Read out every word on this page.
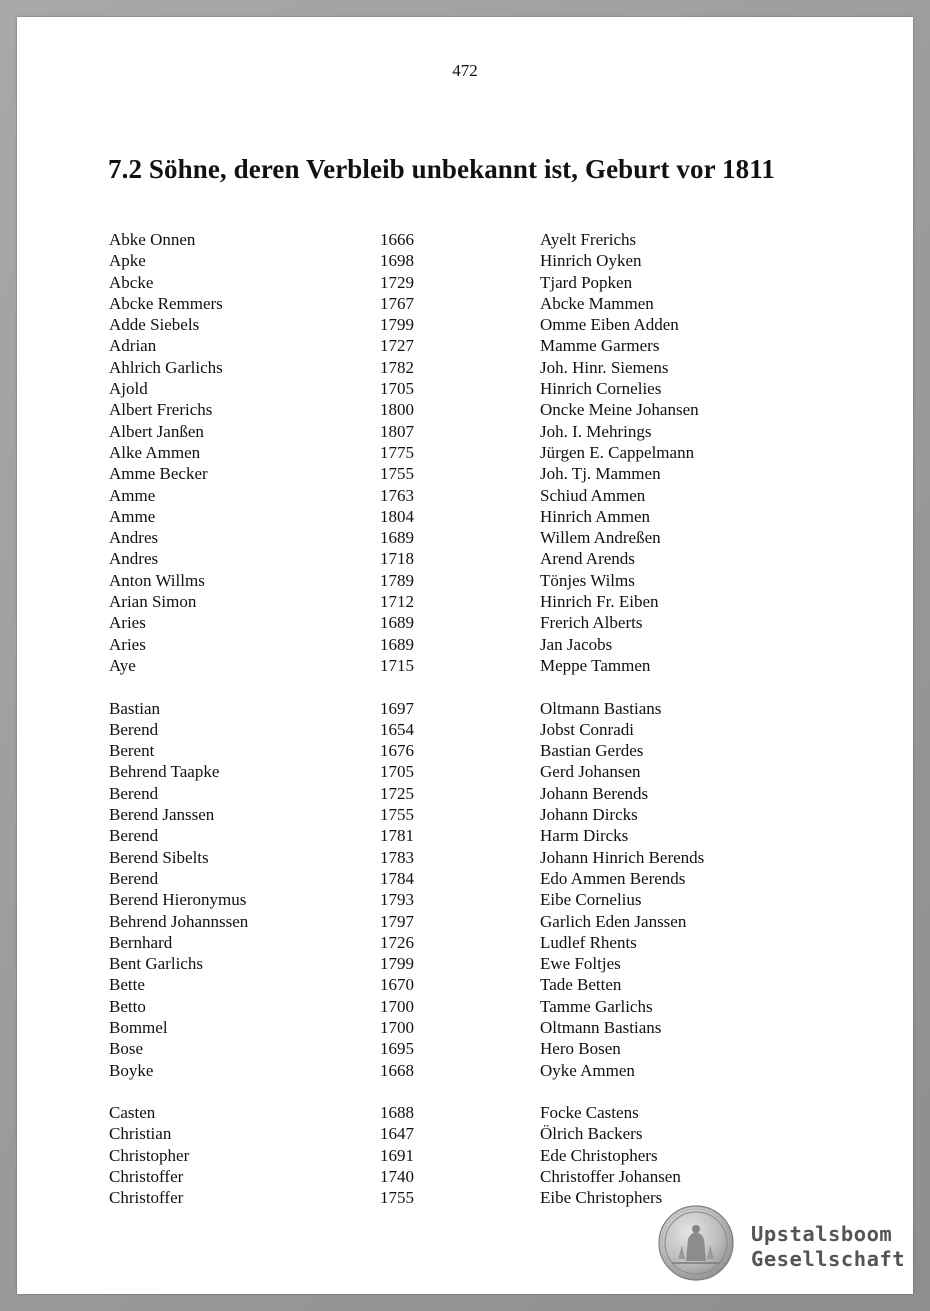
472
7.2 Söhne, deren Verbleib unbekannt ist, Geburt vor 1811
Abke Onnen	1666	Ayelt Frerichs
Apke	1698	Hinrich Oyken
Abcke	1729	Tjard Popken
Abcke Remmers	1767	Abcke Mammen
Adde Siebels	1799	Omme Eiben Adden
Adrian	1727	Mamme Garmers
Ahlrich Garlichs	1782	Joh. Hinr. Siemens
Ajold	1705	Hinrich Cornelies
Albert Frerichs	1800	Oncke Meine Johansen
Albert Janßen	1807	Joh. I. Mehrings
Alke Ammen	1775	Jürgen E. Cappelmann
Amme Becker	1755	Joh. Tj. Mammen
Amme	1763	Schiud Ammen
Amme	1804	Hinrich Ammen
Andres	1689	Willem Andreßen
Andres	1718	Arend Arends
Anton Willms	1789	Tönjes Wilms
Arian Simon	1712	Hinrich Fr. Eiben
Aries	1689	Frerich Alberts
Aries	1689	Jan Jacobs
Aye	1715	Meppe Tammen
Bastian	1697	Oltmann Bastians
Berend	1654	Jobst Conradi
Berent	1676	Bastian Gerdes
Behrend Taapke	1705	Gerd Johansen
Berend	1725	Johann Berends
Berend Janssen	1755	Johann Dircks
Berend	1781	Harm Dircks
Berend Sibelts	1783	Johann Hinrich Berends
Berend	1784	Edo Ammen Berends
Berend Hieronymus	1793	Eibe Cornelius
Behrend Johannssen	1797	Garlich Eden Janssen
Bernhard	1726	Ludlef Rhents
Bent Garlichs	1799	Ewe Foltjes
Bette	1670	Tade Betten
Betto	1700	Tamme Garlichs
Bommel	1700	Oltmann Bastians
Bose	1695	Hero Bosen
Boyke	1668	Oyke Ammen
Casten	1688	Focke Castens
Christian	1647	Ölrich Backers
Christopher	1691	Ede Christophers
Christoffer	1740	Christoffer Johansen
Christoffer	1755	Eibe Christophers
Upstalsboom
Gesellschaft
